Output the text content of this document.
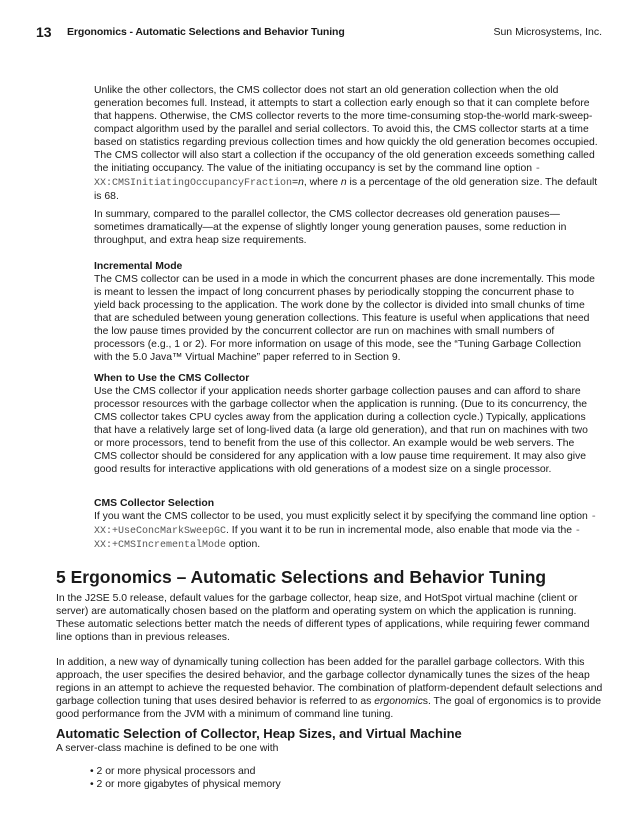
13 Ergonomics - Automatic Selections and Behavior Tuning	Sun Microsystems, Inc.
Unlike the other collectors, the CMS collector does not start an old generation collection when the old generation becomes full. Instead, it attempts to start a collection early enough so that it can complete before that happens. Otherwise, the CMS collector reverts to the more time-consuming stop-the-world mark-sweep-compact algorithm used by the parallel and serial collectors. To avoid this, the CMS collector starts at a time based on statistics regarding previous collection times and how quickly the old generation becomes occupied. The CMS collector will also start a collection if the occupancy of the old generation exceeds something called the initiating occupancy. The value of the initiating occupancy is set by the command line option -XX:CMSInitiatingOccupancyFraction=n, where n is a percentage of the old generation size. The default is 68.

In summary, compared to the parallel collector, the CMS collector decreases old generation pauses—sometimes dramatically—at the expense of slightly longer young generation pauses, some reduction in throughput, and extra heap size requirements.

Incremental Mode

The CMS collector can be used in a mode in which the concurrent phases are done incrementally. This mode is meant to lessen the impact of long concurrent phases by periodically stopping the concurrent phase to yield back processing to the application. The work done by the collector is divided into small chunks of time that are scheduled between young generation collections. This feature is useful when applications that need the low pause times provided by the concurrent collector are run on machines with small numbers of processors (e.g., 1 or 2). For more information on usage of this mode, see the “Tuning Garbage Collection with the 5.0 Java™ Virtual Machine” paper referred to in Section 9.

When to Use the CMS Collector

Use the CMS collector if your application needs shorter garbage collection pauses and can afford to share processor resources with the garbage collector when the application is running. (Due to its concurrency, the CMS collector takes CPU cycles away from the application during a collection cycle.) Typically, applications that have a relatively large set of long-lived data (a large old generation), and that run on machines with two or more processors, tend to benefit from the use of this collector. An example would be web servers. The CMS collector should be considered for any application with a low pause time requirement. It may also give good results for interactive applications with old generations of a modest size on a single processor.

CMS Collector Selection

If you want the CMS collector to be used, you must explicitly select it by specifying the command line option -XX:+UseConcMarkSweepGC. If you want it to be run in incremental mode, also enable that mode via the -XX:+CMSIncrementalMode option.

5 Ergonomics – Automatic Selections and Behavior Tuning

In the J2SE 5.0 release, default values for the garbage collector, heap size, and HotSpot virtual machine (client or server) are automatically chosen based on the platform and operating system on which the application is running. These automatic selections better match the needs of different types of applications, while requiring fewer command line options than in previous releases.

In addition, a new way of dynamically tuning collection has been added for the parallel garbage collectors. With this approach, the user specifies the desired behavior, and the garbage collector dynamically tunes the sizes of the heap regions in an attempt to achieve the requested behavior. The combination of platform-dependent default selections and garbage collection tuning that uses desired behavior is referred to as ergonomics. The goal of ergonomics is to provide good performance from the JVM with a minimum of command line tuning.

Automatic Selection of Collector, Heap Sizes, and Virtual Machine

A server-class machine is defined to be one with

• 2 or more physical processors and
• 2 or more gigabytes of physical memory
